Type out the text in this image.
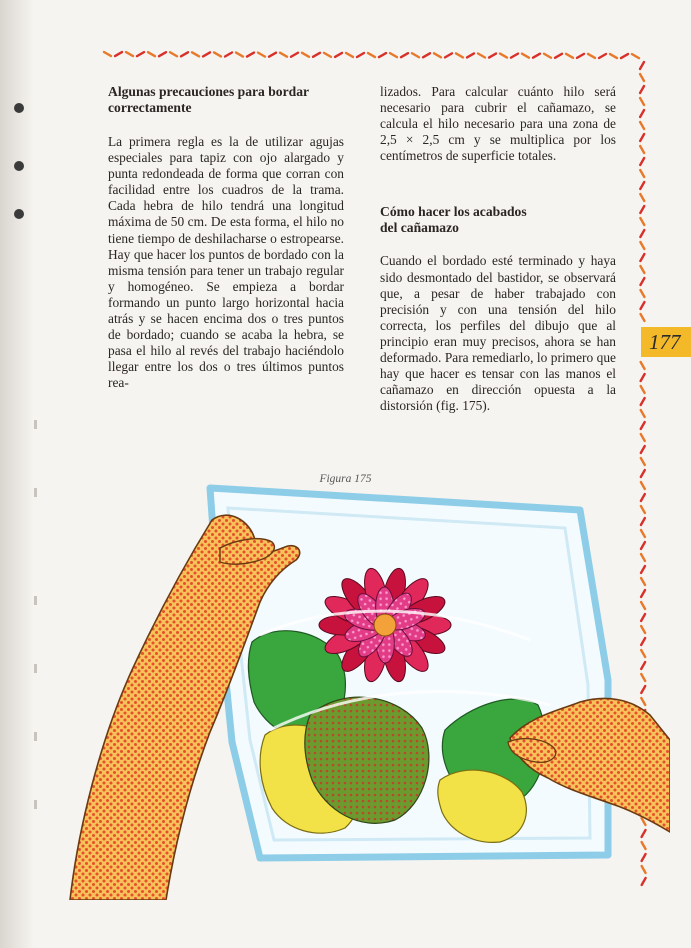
Algunas precauciones para bordar
correctamente

La primera regla es la de utilizar agujas especiales para tapiz con ojo alargado y punta redondeada de forma que corran con facilidad entre los cuadros de la trama. Cada hebra de hilo tendrá una longitud máxima de 50 cm. De esta forma, el hilo no tiene tiempo de deshilacharse o estropearse. Hay que hacer los puntos de bordado con la misma tensión para tener un trabajo regular y homogéneo. Se empieza a bordar formando un punto largo horizontal hacia atrás y se hacen encima dos o tres puntos de bordado; cuando se acaba la hebra, se pasa el hilo al revés del trabajo haciéndolo llegar entre los dos o tres últimos puntos rea-

lizados. Para calcular cuánto hilo será necesario para cubrir el cañamazo, se calcula el hilo necesario para una zona de 2,5 × 2,5 cm y se multiplica por los centímetros de superficie totales.

Cómo hacer los acabados
del cañamazo

Cuando el bordado esté terminado y haya sido desmontado del bastidor, se observará que, a pesar de haber trabajado con precisión y con una tensión del hilo correcta, los perfiles del dibujo que al principio eran muy precisos, ahora se han deformado. Para remediarlo, lo primero que hay que hacer es tensar con las manos el cañamazo en dirección opuesta a la distorsión (fig. 175).

177
Figura 175
